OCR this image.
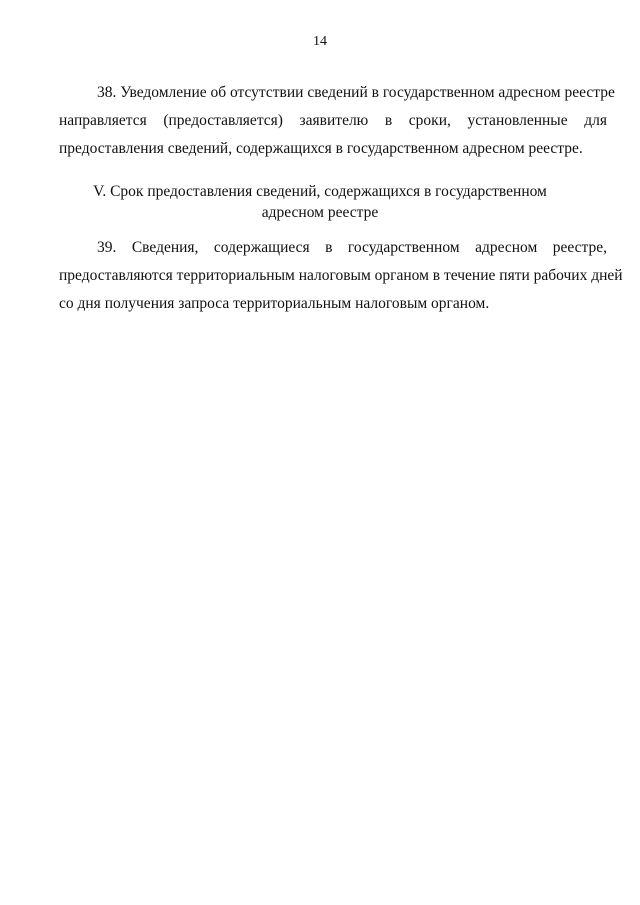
14
38. Уведомление об отсутствии сведений в государственном адресном реестре
направляется (предоставляется) заявителю в сроки, установленные для
предоставления сведений, содержащихся в государственном адресном реестре.
V. Срок предоставления сведений, содержащихся в государственном
адресном реестре
39. Сведения, содержащиеся в государственном адресном реестре,
предоставляются территориальным налоговым органом в течение пяти рабочих дней
со дня получения запроса территориальным налоговым органом.
